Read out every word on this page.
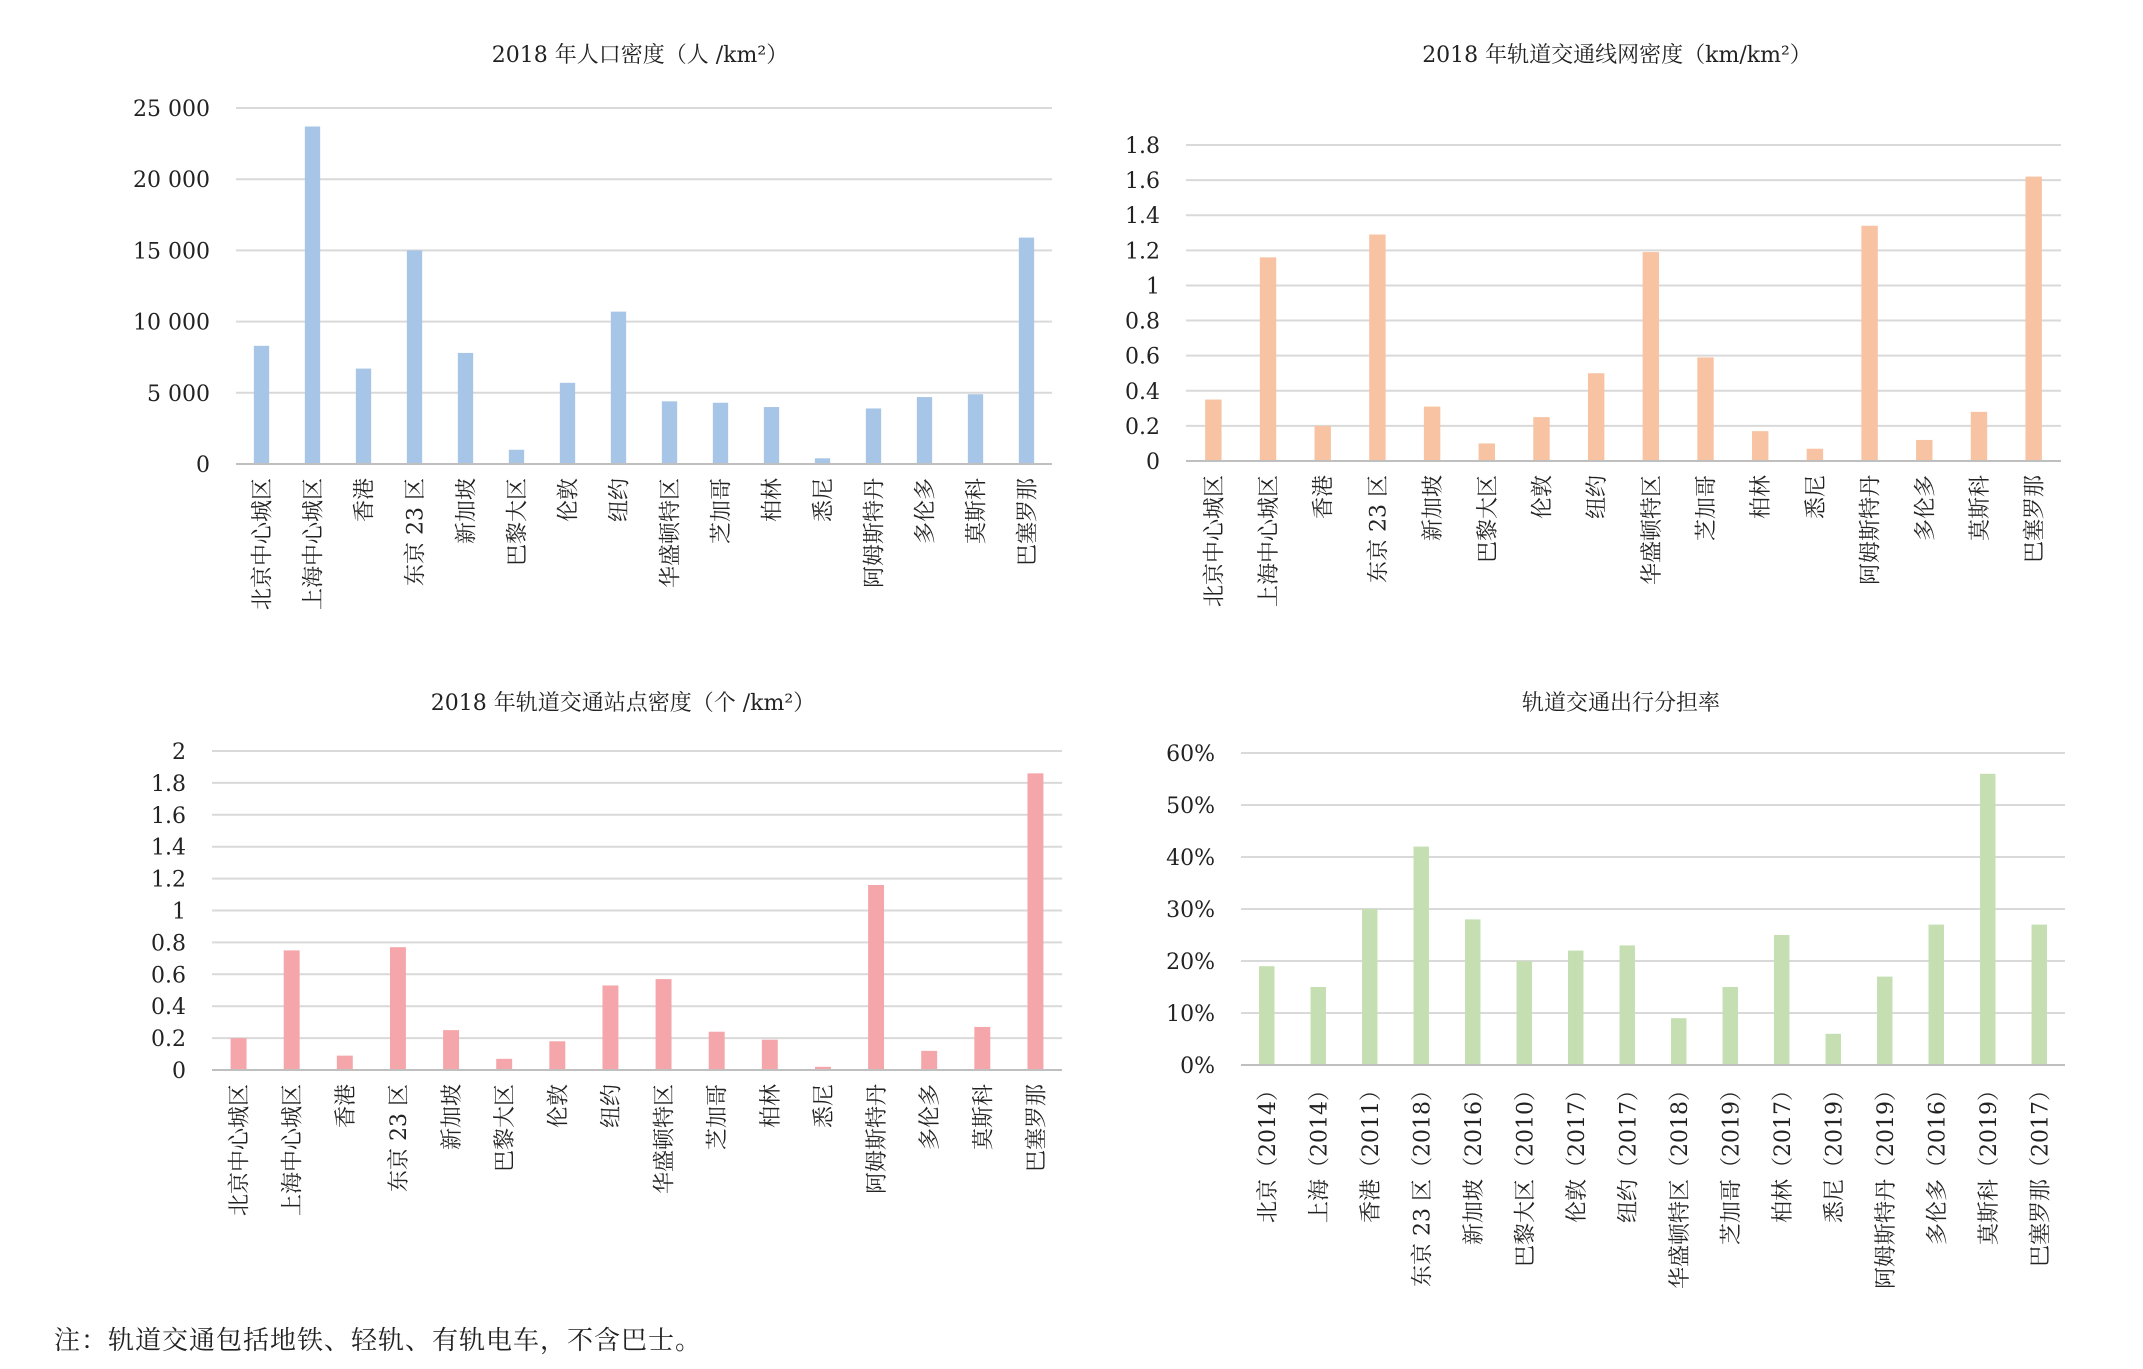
2018 年人口密度（人 /km²）
0
5 000
10 000
15 000
20 000
25 000
北京中心城区 上海中心城区 香港 东京 23 区 新加坡 巴黎大区 伦敦 纽约 华盛顿特区 芝加哥 柏林 悉尼 阿姆斯特丹 多伦多 莫斯科 巴塞罗那
2018 年轨道交通线网密度（km/km²）
0
0.2
0.4
0.6
0.8
1
1.2
1.4
1.6
1.8
北京中心城区 上海中心城区 香港 东京 23 区 新加坡 巴黎大区 伦敦 纽约 华盛顿特区 芝加哥 柏林 悉尼 阿姆斯特丹 多伦多 莫斯科 巴塞罗那
2018 年轨道交通站点密度（个 /km²）
0
0.2
0.4
0.6
0.8
1
1.2
1.4
1.6
1.8
2
北京中心城区 上海中心城区 香港 东京 23 区 新加坡 巴黎大区 伦敦 纽约 华盛顿特区 芝加哥 柏林 悉尼 阿姆斯特丹 多伦多 莫斯科 巴塞罗那
轨道交通出行分担率
0%
10%
20%
30%
40%
50%
60%
北京（2014） 上海（2014） 香港（2011） 东京 23 区（2018） 新加坡（2016） 巴黎大区（2010） 伦敦（2017） 纽约（2017） 华盛顿特区（2018） 芝加哥（2019） 柏林（2017） 悉尼（2019） 阿姆斯特丹（2019） 多伦多（2016） 莫斯科（2019） 巴塞罗那（2017）
注：轨道交通包括地铁、轻轨、有轨电车，不含巴士。
